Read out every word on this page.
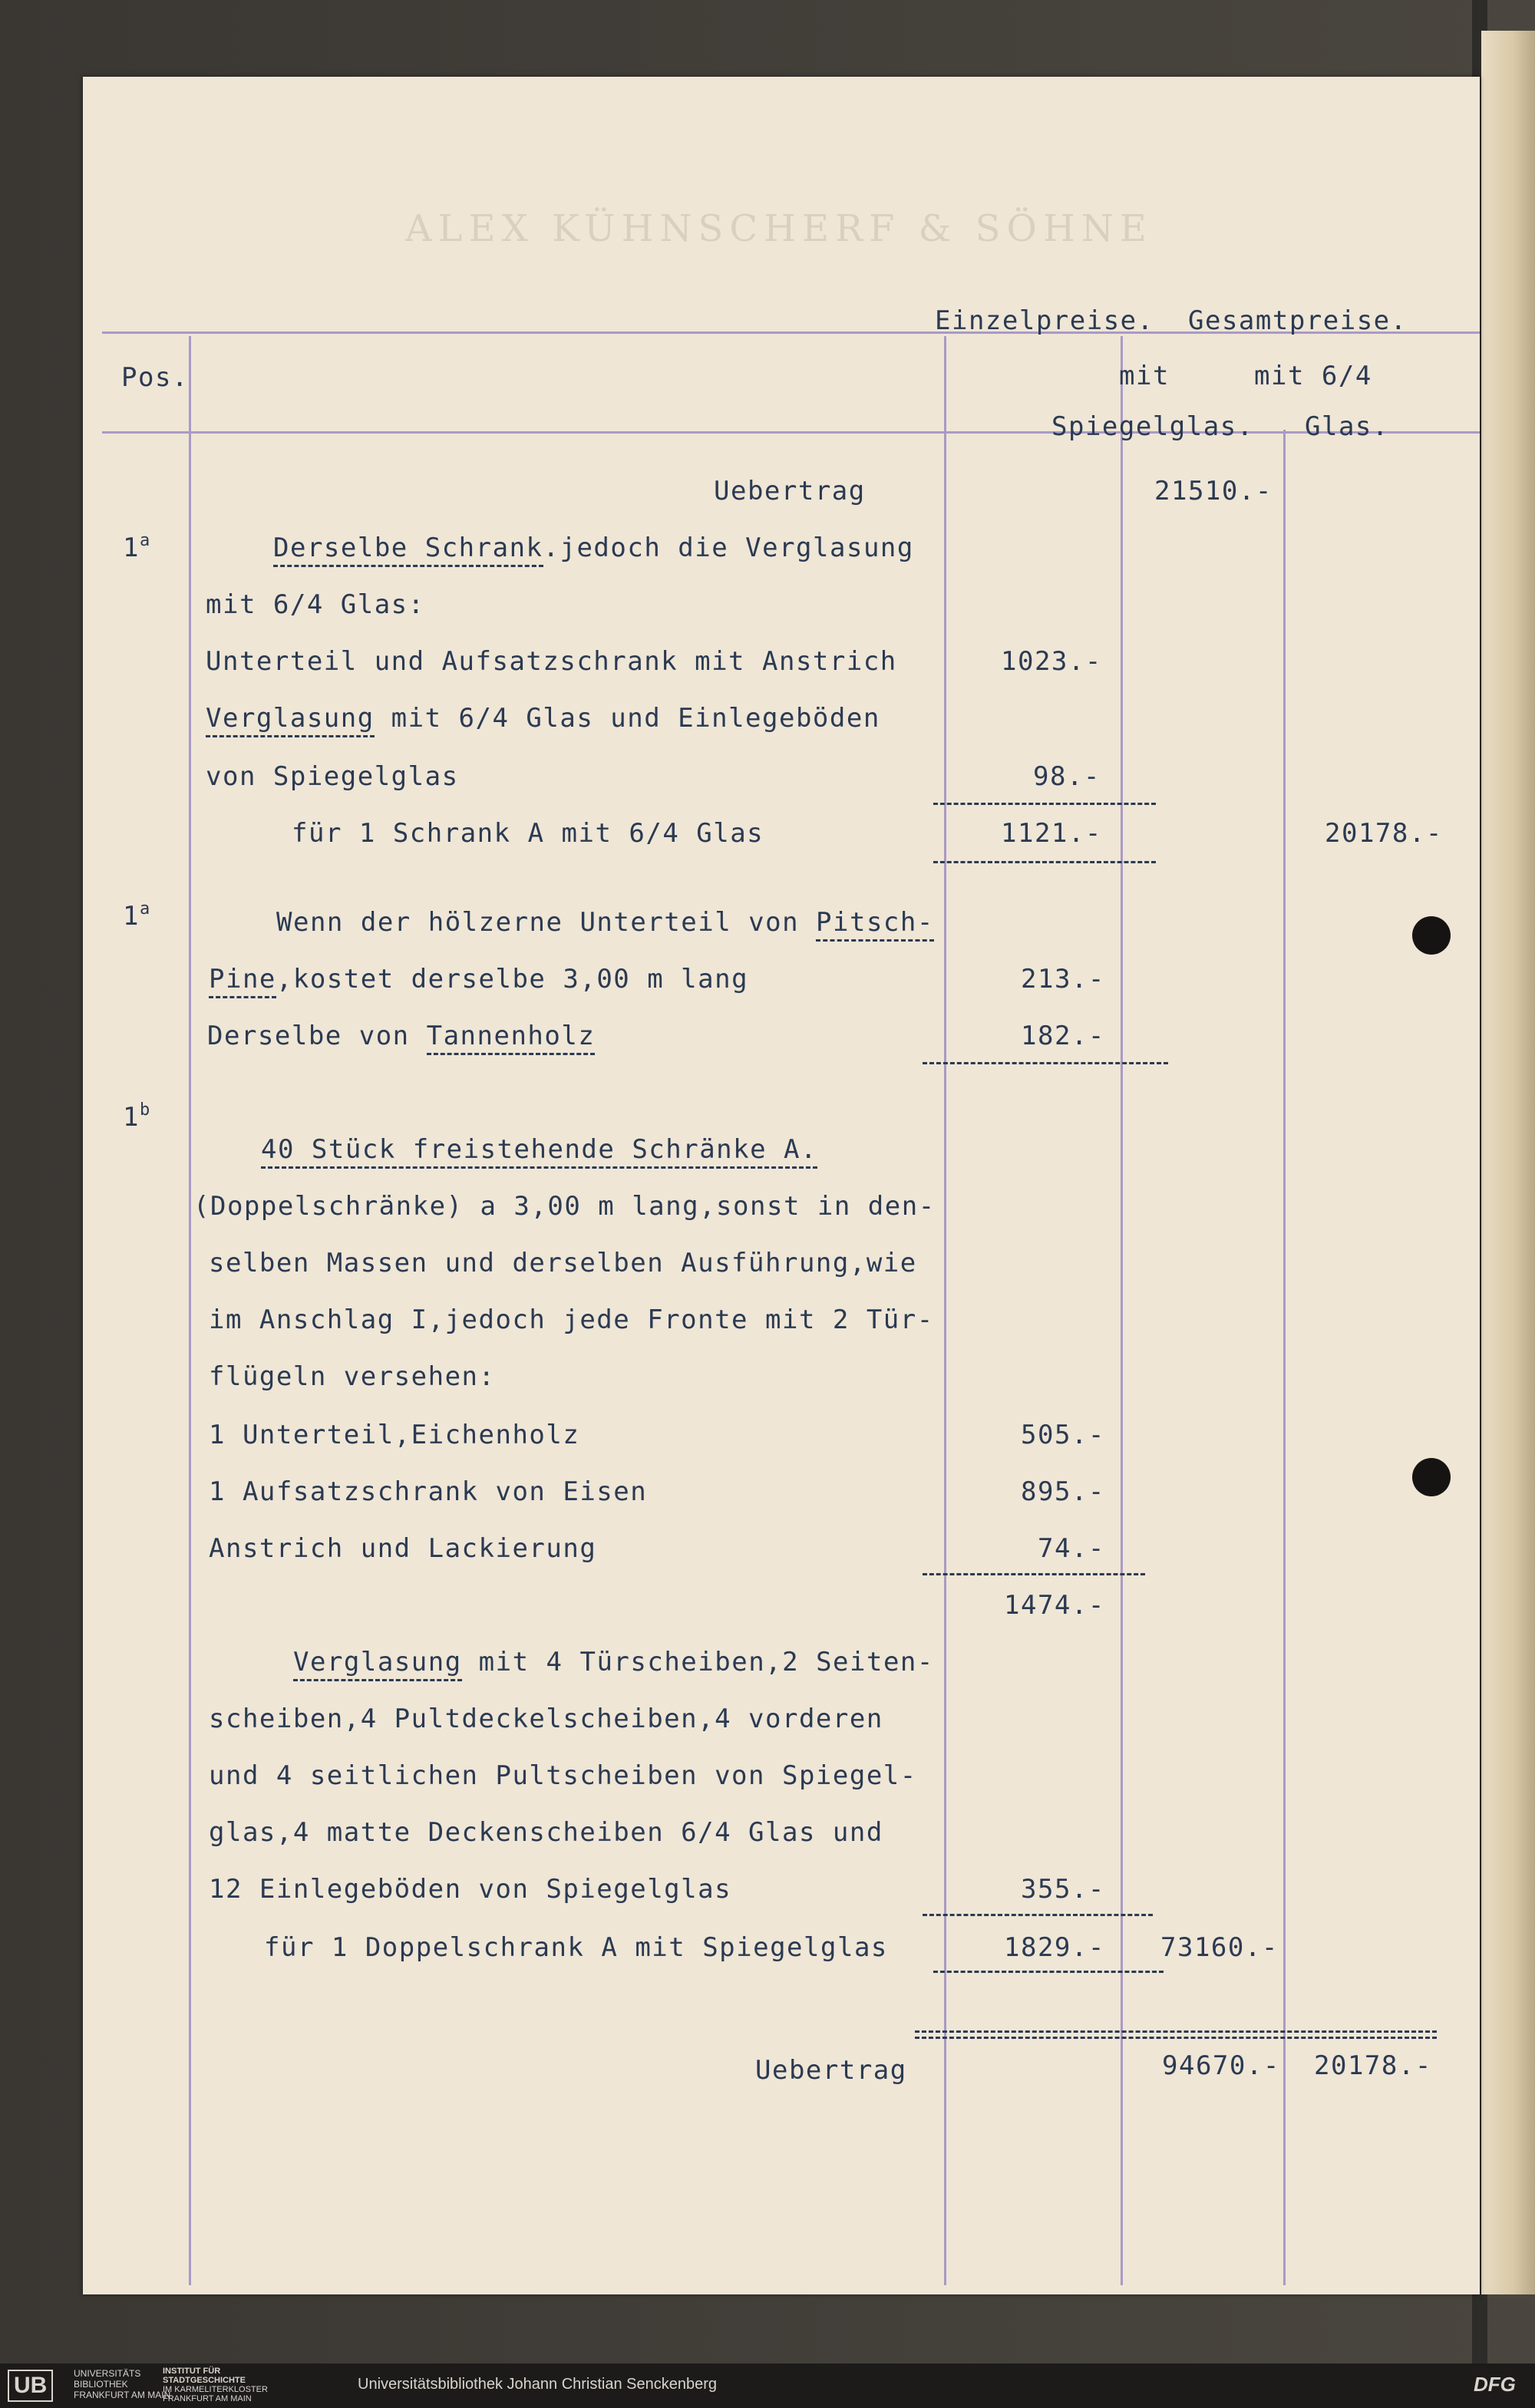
ALEX KÜHNSCHERF & SÖHNE
Einzelpreise. Gesamtpreise.
Pos.	mit	mit 6/4
Spiegelglas. Glas.
Uebertrag	21510.-
1$^a$	Derselbe Schrank.jedoch die Verglasung
mit 6/4 Glas:
Unterteil und Aufsatzschrank mit Anstrich	1023.-
Verglasung mit 6/4 Glas und Einlegeböden
von Spiegelglas	98.-
für 1 Schrank A mit 6/4 Glas	1121.-	20178.-
1$^a$	Wenn der hölzerne Unterteil von Pitsch-
Pine,kostet derselbe 3,00 m lang	213.-
Derselbe von Tannenholz	182.-
1$^b$
40 Stück freistehende Schränke A.
(Doppelschränke) a 3,00 m lang,sonst in den-
selben Massen und derselben Ausführung,wie
im Anschlag I,jedoch jede Fronte mit 2 Tür-
flügeln versehen:
1 Unterteil,Eichenholz	505.-
1 Aufsatzschrank von Eisen	895.-
Anstrich und Lackierung	74.-
1474.-
Verglasung mit 4 Türscheiben,2 Seiten-
scheiben,4 Pultdeckelscheiben,4 vorderen
und 4 seitlichen Pultscheiben von Spiegel-
glas,4 matte Deckenscheiben 6/4 Glas und
12 Einlegeböden von Spiegelglas	355.-
für 1 Doppelschrank A mit Spiegelglas	1829.- 73160.-
Uebertrag	94670.- 20178.-
UB	UNIVERSITÄTS
BIBLIOTHEK
FRANKFURT AM MAIN
INSTITUT FÜR
STADTGESCHICHTE
IM KARMELITERKLOSTER
FRANKFURT AM MAIN
Universitätsbibliothek Johann Christian Senckenberg	DFG
